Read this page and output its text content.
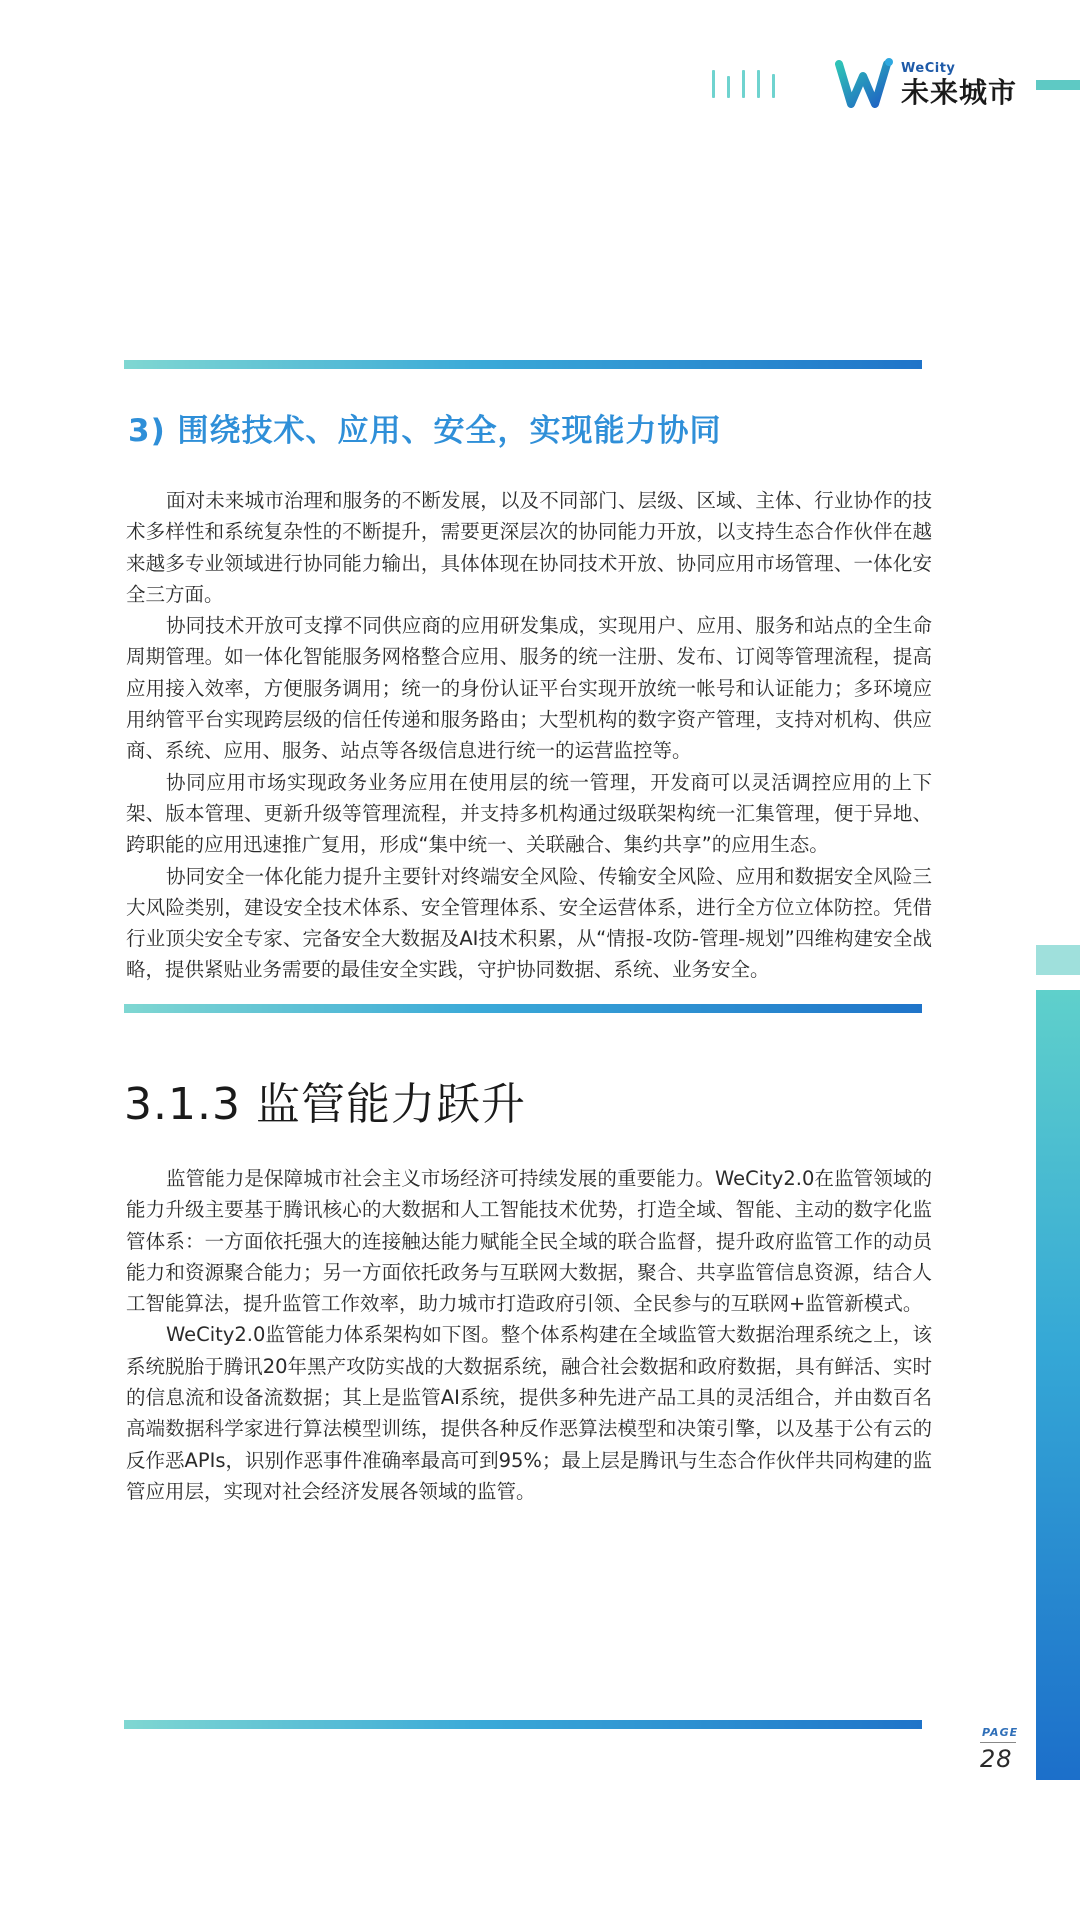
WeCity
未来城市
3) 围绕技术、应用、安全，实现能力协同

面对未来城市治理和服务的不断发展，以及不同部门、层级、区域、主体、行业协作的技术多样性和系统复杂性的不断提升，需要更深层次的协同能力开放，以支持生态合作伙伴在越来越多专业领域进行协同能力输出，具体体现在协同技术开放、协同应用市场管理、一体化安全三方面。

协同技术开放可支撑不同供应商的应用研发集成，实现用户、应用、服务和站点的全生命周期管理。如一体化智能服务网格整合应用、服务的统一注册、发布、订阅等管理流程，提高应用接入效率，方便服务调用；统一的身份认证平台实现开放统一帐号和认证能力；多环境应用纳管平台实现跨层级的信任传递和服务路由；大型机构的数字资产管理，支持对机构、供应商、系统、应用、服务、站点等各级信息进行统一的运营监控等。

协同应用市场实现政务业务应用在使用层的统一管理，开发商可以灵活调控应用的上下架、版本管理、更新升级等管理流程，并支持多机构通过级联架构统一汇集管理，便于异地、跨职能的应用迅速推广复用，形成“集中统一、关联融合、集约共享”的应用生态。

协同安全一体化能力提升主要针对终端安全风险、传输安全风险、应用和数据安全风险三大风险类别，建设安全技术体系、安全管理体系、安全运营体系，进行全方位立体防控。凭借行业顶尖安全专家、完备安全大数据及AI技术积累，从“情报-攻防-管理-规划”四维构建安全战略，提供紧贴业务需要的最佳安全实践，守护协同数据、系统、业务安全。

3.1.3 监管能力跃升

监管能力是保障城市社会主义市场经济可持续发展的重要能力。WeCity2.0在监管领域的能力升级主要基于腾讯核心的大数据和人工智能技术优势，打造全域、智能、主动的数字化监管体系：一方面依托强大的连接触达能力赋能全民全域的联合监督，提升政府监管工作的动员能力和资源聚合能力；另一方面依托政务与互联网大数据，聚合、共享监管信息资源，结合人工智能算法，提升监管工作效率，助力城市打造政府引领、全民参与的互联网+监管新模式。

WeCity2.0监管能力体系架构如下图。整个体系构建在全域监管大数据治理系统之上，该系统脱胎于腾讯20年黑产攻防实战的大数据系统，融合社会数据和政府数据，具有鲜活、实时的信息流和设备流数据；其上是监管AI系统，提供多种先进产品工具的灵活组合，并由数百名高端数据科学家进行算法模型训练，提供各种反作恶算法模型和决策引擎，以及基于公有云的反作恶APIs，识别作恶事件准确率最高可到95%；最上层是腾讯与生态合作伙伴共同构建的监管应用层，实现对社会经济发展各领域的监管。

PAGE
28
